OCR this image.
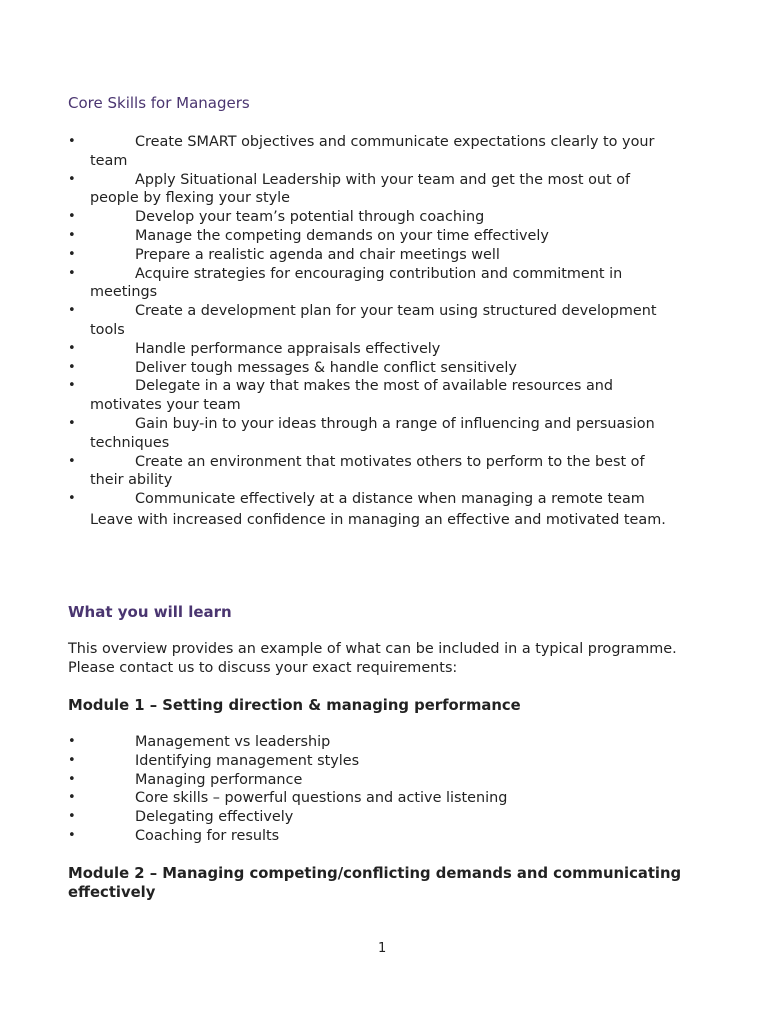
Core Skills for Managers
•	Create SMART objectives and communicate expectations clearly to your team
•	Apply Situational Leadership with your team and get the most out of people by flexing your style
•	Develop your team’s potential through coaching
•	Manage the competing demands on your time effectively
•	Prepare a realistic agenda and chair meetings well
•	Acquire strategies for encouraging contribution and commitment in meetings
•	Create a development plan for your team using structured development tools
•	Handle performance appraisals effectively
•	Deliver tough messages & handle conflict sensitively
•	Delegate in a way that makes the most of available resources and motivates your team
•	Gain buy-in to your ideas through a range of influencing and persuasion techniques
•	Create an environment that motivates others to perform to the best of their ability
•	Communicate effectively at a distance when managing a remote team
Leave with increased confidence in managing an effective and motivated team.
What you will learn

This overview provides an example of what can be included in a typical programme. Please contact us to discuss your exact requirements:

Module 1 – Setting direction & managing performance
•	Management vs leadership
•	Identifying management styles
•	Managing performance
•	Core skills – powerful questions and active listening
•	Delegating effectively
•	Coaching for results
Module 2 – Managing competing/conflicting demands and communicating effectively
1
